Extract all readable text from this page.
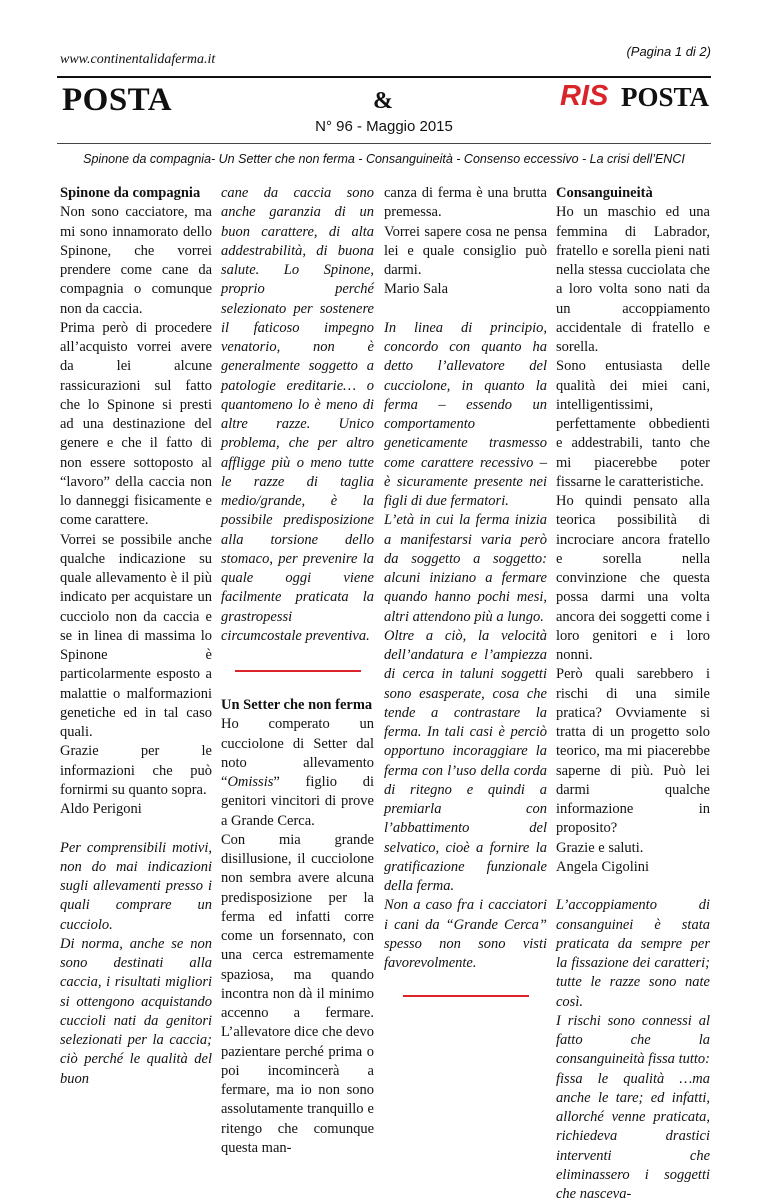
www.continentalidaferma.it
(Pagina 1 di 2)
POSTA	&	RIS POSTA
N° 96 - Maggio 2015
Spinone da compagnia- Un Setter che non ferma - Consanguineità - Consenso eccessivo - La crisi dell’ENCI

Spinone da compagnia

Non sono cacciatore, ma mi sono innamorato dello Spinone, che vorrei prendere come cane da compagnia o comunque non da caccia.

Prima però di procedere all’acquisto vorrei avere da lei alcune rassicurazioni sul fatto che lo Spinone si presti ad una destinazione del genere e che il fatto di non essere sottoposto al “lavoro” della caccia non lo danneggi fisicamente e come carattere.

Vorrei se possibile anche qualche indicazione su quale allevamento è il più indicato per acquistare un cucciolo non da caccia e se in linea di massima lo Spinone è particolarmente esposto a malattie o malformazioni genetiche ed in tal caso quali.

Grazie per le informazioni che può fornirmi su quanto sopra.

Aldo Perigoni

Per comprensibili motivi, non do mai indicazioni sugli allevamenti presso i quali comprare un cucciolo.

Di norma, anche se non sono destinati alla caccia, i risultati migliori si ottengono acquistando cuccioli nati da genitori selezionati per la caccia; ciò perché le qualità del buon

cane da caccia sono anche garanzia di un buon carattere, di alta addestrabilità, di buona salute. Lo Spinone, proprio perché selezionato per sostenere il faticoso impegno venatorio, non è generalmente soggetto a patologie ereditarie… o quantomeno lo è meno di altre razze. Unico problema, che per altro affligge più o meno tutte le razze di taglia medio/grande, è la possibile predisposizione alla torsione dello stomaco, per prevenire la quale oggi viene facilmente praticata la grastropessi circumcostale preventiva.

Un Setter che non ferma

Ho comperato un cucciolone di Setter dal noto allevamento “Omissis” figlio di genitori vincitori di prove a Grande Cerca.

Con mia grande disillusione, il cucciolone non sembra avere alcuna predisposizione per la ferma ed infatti corre come un forsennato, con una cerca estremamente spaziosa, ma quando incontra non dà il minimo accenno a fermare. L’allevatore dice che devo pazientare perché prima o poi incomincerà a fermare, ma io non sono assolutamente tranquillo e ritengo che comunque questa man-

canza di ferma è una brutta premessa.

Vorrei sapere cosa ne pensa lei e quale consiglio può darmi.

Mario Sala

In linea di principio, concordo con quanto ha detto l’allevatore del cucciolone, in quanto la ferma – essendo un comportamento geneticamente trasmesso come carattere recessivo – è sicuramente presente nei figli di due fermatori.

L’età in cui la ferma inizia a manifestarsi varia però da soggetto a soggetto: alcuni iniziano a fermare quando hanno pochi mesi, altri attendono più a lungo.

Oltre a ciò, la velocità dell’andatura e l’ampiezza di cerca in taluni soggetti sono esasperate, cosa che tende a contrastare la ferma. In tali casi è perciò opportuno incoraggiare la ferma con l’uso della corda di ritegno e quindi a premiarla con l’abbattimento del selvatico, cioè a fornire la gratificazione funzionale della ferma.

Non a caso fra i cacciatori i cani da “Grande Cerca” spesso non sono visti favorevolmente.

Consanguineità

Ho un maschio ed una femmina di Labrador, fratello e sorella pieni nati nella stessa cucciolata che a loro volta sono nati da un accoppiamento accidentale di fratello e sorella.

Sono entusiasta delle qualità dei miei cani, intelligentissimi, perfettamente obbedienti e addestrabili, tanto che mi piacerebbe poter fissarne le caratteristiche.

Ho quindi pensato alla teorica possibilità di incrociare ancora fratello e sorella nella convinzione che questa possa darmi una volta ancora dei soggetti come i loro genitori e i loro nonni.

Però quali sarebbero i rischi di una simile pratica? Ovviamente si tratta di un progetto solo teorico, ma mi piacerebbe saperne di più. Può lei darmi qualche informazione in proposito?

Grazie e saluti.

Angela Cigolini

L’accoppiamento di consanguinei è stata praticata da sempre per la fissazione dei caratteri; tutte le razze sono nate così.

I rischi sono connessi al fatto che la consanguineità fissa tutto: fissa le qualità …ma anche le tare; ed infatti, allorché venne praticata, richiedeva drastici interventi che eliminassero i soggetti che nasceva-
